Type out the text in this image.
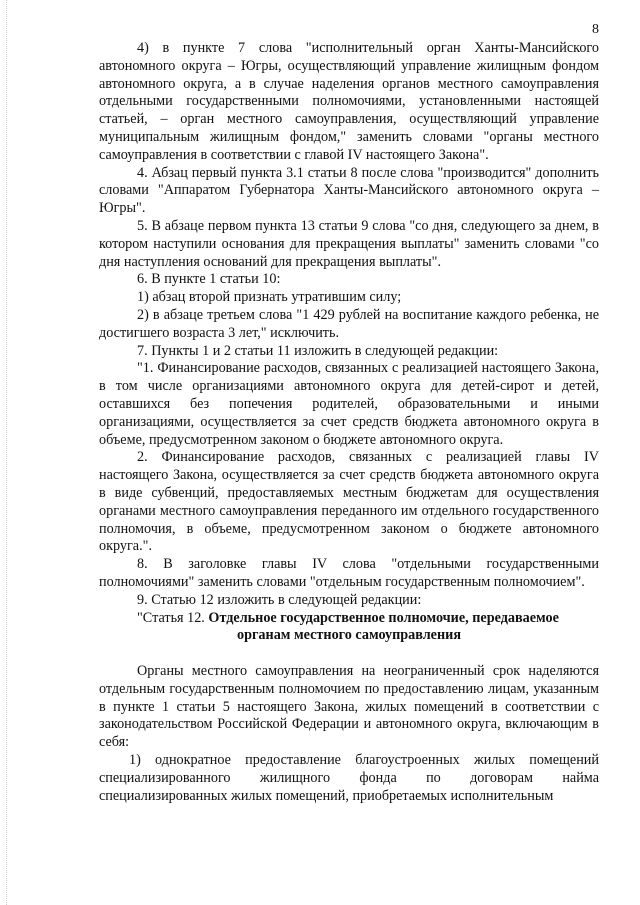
8

4) в пункте 7 слова "исполнительный орган Ханты-Мансийского автономного округа – Югры, осуществляющий управление жилищным фондом автономного округа, а в случае наделения органов местного самоуправления отдельными государственными полномочиями, установленными настоящей статьей, – орган местного самоуправления, осуществляющий управление муниципальным жилищным фондом," заменить словами "органы местного самоуправления в соответствии с главой IV настоящего Закона".

4. Абзац первый пункта 3.1 статьи 8 после слова "производится" дополнить словами "Аппаратом Губернатора Ханты-Мансийского автономного округа – Югры".

5. В абзаце первом пункта 13 статьи 9 слова "со дня, следующего за днем, в котором наступили основания для прекращения выплаты" заменить словами "со дня наступления оснований для прекращения выплаты".

6. В пункте 1 статьи 10:

1) абзац второй признать утратившим силу;

2) в абзаце третьем слова "1 429 рублей на воспитание каждого ребенка, не достигшего возраста 3 лет," исключить.

7. Пункты 1 и 2 статьи 11 изложить в следующей редакции:

"1. Финансирование расходов, связанных с реализацией настоящего Закона, в том числе организациями автономного округа для детей-сирот и детей, оставшихся без попечения родителей, образовательными и иными организациями, осуществляется за счет средств бюджета автономного округа в объеме, предусмотренном законом о бюджете автономного округа.

2. Финансирование расходов, связанных с реализацией главы IV настоящего Закона, осуществляется за счет средств бюджета автономного округа в виде субвенций, предоставляемых местным бюджетам для осуществления органами местного самоуправления переданного им отдельного государственного полномочия, в объеме, предусмотренном законом о бюджете автономного округа.".

8. В заголовке главы IV слова "отдельными государственными полномочиями" заменить словами "отдельным государственным полномочием".

9. Статью 12 изложить в следующей редакции:

"Статья 12. Отдельное государственное полномочие, передаваемое

органам местного самоуправления

Органы местного самоуправления на неограниченный срок наделяются отдельным государственным полномочием по предоставлению лицам, указанным в пункте 1 статьи 5 настоящего Закона, жилых помещений в соответствии с законодательством Российской Федерации и автономного округа, включающим в себя:

1) однократное предоставление благоустроенных жилых помещений специализированного жилищного фонда по договорам найма специализированных жилых помещений, приобретаемых исполнительным
